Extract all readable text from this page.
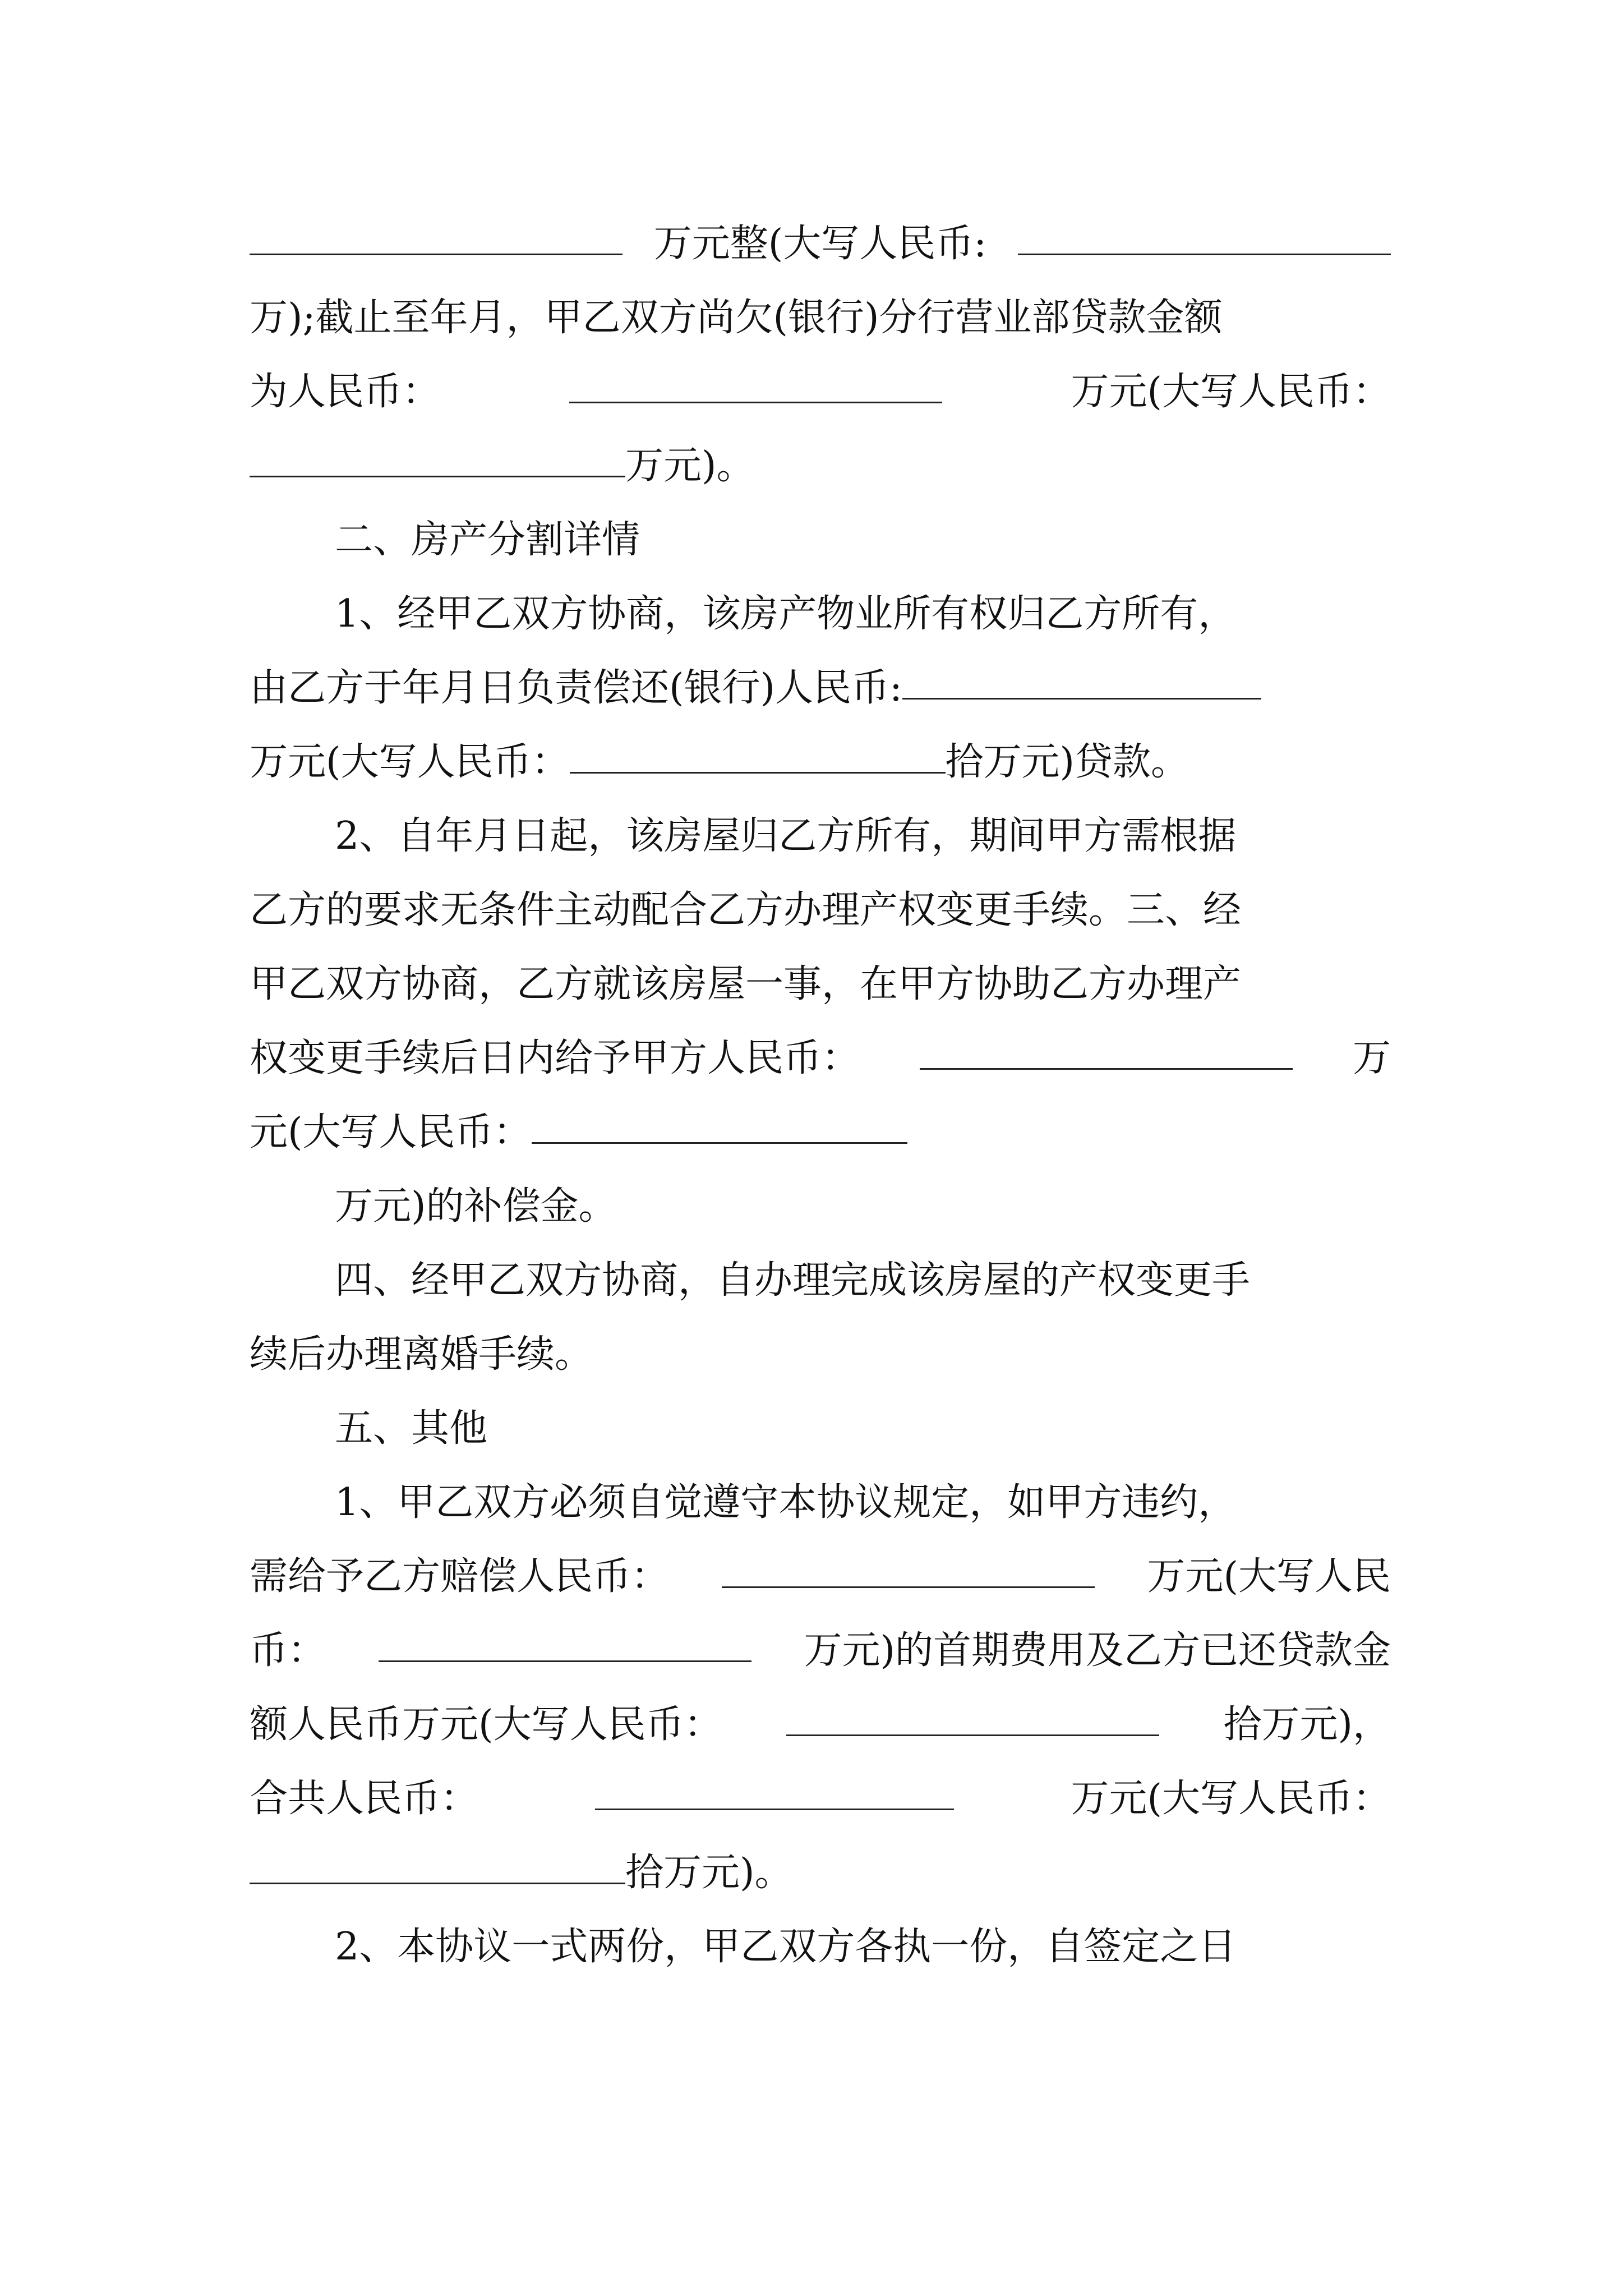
万元整(大写人民币:
万);截止至年月，甲乙双方尚欠(银行)分行营业部贷款金额
为人民币：	万元(大写人民币：
万元)。
二、房产分割详情
1、经甲乙双方协商，该房产物业所有权归乙方所有，
由乙方于年月日负责偿还(银行)人民币:
万元(大写人民币：	拾万元)贷款。
2、自年月日起，该房屋归乙方所有，期间甲方需根据
乙方的要求无条件主动配合乙方办理产权变更手续。三、经
甲乙双方协商，乙方就该房屋一事，在甲方协助乙方办理产
权变更手续后日内给予甲方人民币：	万
元(大写人民币：
万元)的补偿金。
四、经甲乙双方协商，自办理完成该房屋的产权变更手
续后办理离婚手续。
五、其他
1、甲乙双方必须自觉遵守本协议规定，如甲方违约，
需给予乙方赔偿人民币：	万元(大写人民
币：	万元)的首期费用及乙方已还贷款金
额人民币万元(大写人民币：	拾万元)，
合共人民币：	万元(大写人民币：
拾万元)。
2、本协议一式两份，甲乙双方各执一份，自签定之日
